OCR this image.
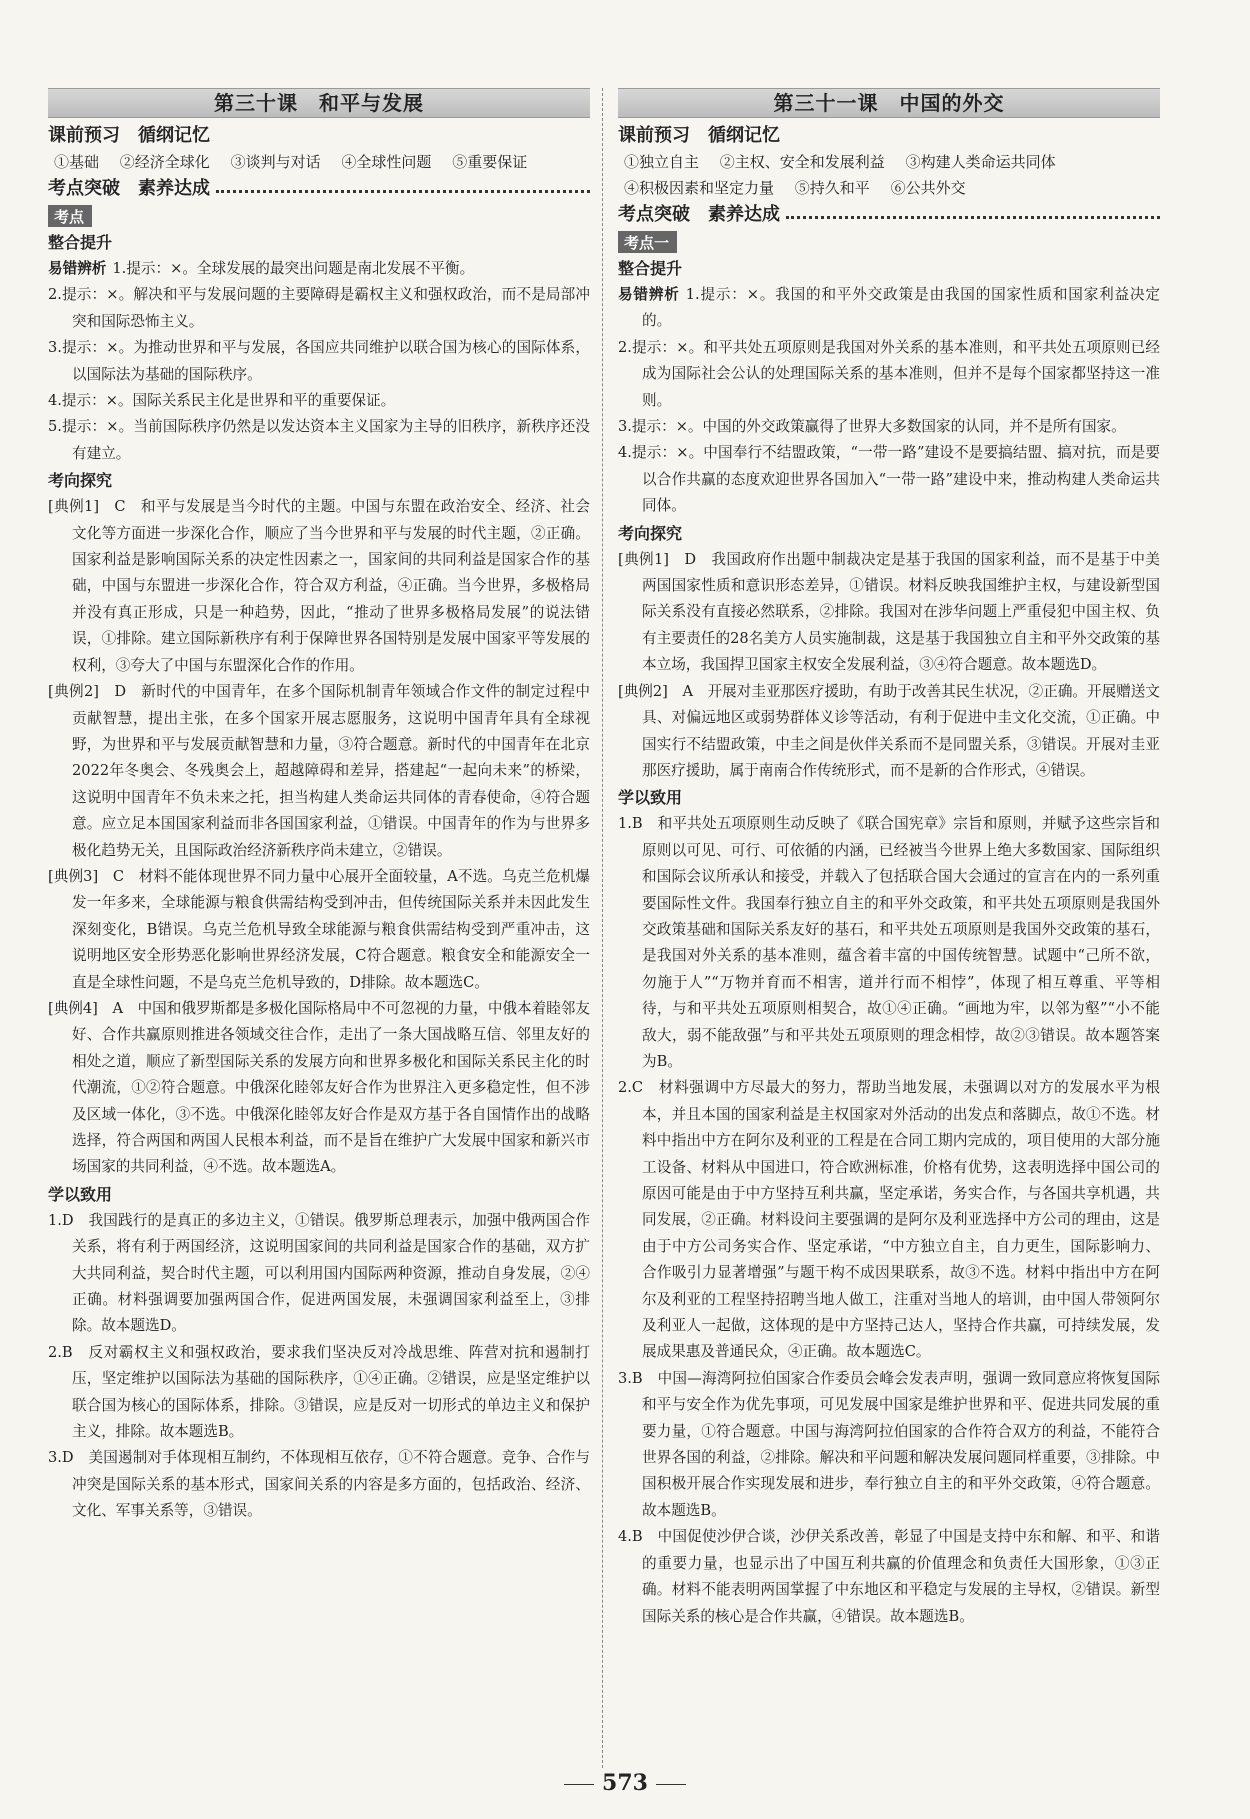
第三十课　和平与发展
课前预习　循纲记忆
①基础 ②经济全球化 ③谈判与对话 ④全球性问题 ⑤重要保证
考点突破　素养达成
考点
整合提升
易错辨析 1.提示：×。全球发展的最突出问题是南北发展不平衡。
2.提示：×。解决和平与发展问题的主要障碍是霸权主义和强权政治，而不是局部冲突和国际恐怖主义。
3.提示：×。为推动世界和平与发展，各国应共同维护以联合国为核心的国际体系，以国际法为基础的国际秩序。
4.提示：×。国际关系民主化是世界和平的重要保证。
5.提示：×。当前国际秩序仍然是以发达资本主义国家为主导的旧秩序，新秩序还没有建立。
考向探究
[典例1]　C　和平与发展是当今时代的主题。中国与东盟在政治安全、经济、社会文化等方面进一步深化合作，顺应了当今世界和平与发展的时代主题，②正确。国家利益是影响国际关系的决定性因素之一，国家间的共同利益是国家合作的基础，中国与东盟进一步深化合作，符合双方利益，④正确。当今世界，多极格局并没有真正形成，只是一种趋势，因此，“推动了世界多极格局发展”的说法错误，①排除。建立国际新秩序有利于保障世界各国特别是发展中国家平等发展的权利，③夸大了中国与东盟深化合作的作用。
[典例2]　D　新时代的中国青年，在多个国际机制青年领域合作文件的制定过程中贡献智慧，提出主张，在多个国家开展志愿服务，这说明中国青年具有全球视野，为世界和平与发展贡献智慧和力量，③符合题意。新时代的中国青年在北京2022年冬奥会、冬残奥会上，超越障碍和差异，搭建起“一起向未来”的桥梁，这说明中国青年不负未来之托，担当构建人类命运共同体的青春使命，④符合题意。应立足本国国家利益而非各国国家利益，①错误。中国青年的作为与世界多极化趋势无关，且国际政治经济新秩序尚未建立，②错误。
[典例3]　C　材料不能体现世界不同力量中心展开全面较量，A不选。乌克兰危机爆发一年多来，全球能源与粮食供需结构受到冲击，但传统国际关系并未因此发生深刻变化，B错误。乌克兰危机导致全球能源与粮食供需结构受到严重冲击，这说明地区安全形势恶化影响世界经济发展，C符合题意。粮食安全和能源安全一直是全球性问题，不是乌克兰危机导致的，D排除。故本题选C。
[典例4]　A　中国和俄罗斯都是多极化国际格局中不可忽视的力量，中俄本着睦邻友好、合作共赢原则推进各领域交往合作，走出了一条大国战略互信、邻里友好的相处之道，顺应了新型国际关系的发展方向和世界多极化和国际关系民主化的时代潮流，①②符合题意。中俄深化睦邻友好合作为世界注入更多稳定性，但不涉及区域一体化，③不选。中俄深化睦邻友好合作是双方基于各自国情作出的战略选择，符合两国和两国人民根本利益，而不是旨在维护广大发展中国家和新兴市场国家的共同利益，④不选。故本题选A。
学以致用
1.D　我国践行的是真正的多边主义，①错误。俄罗斯总理表示，加强中俄两国合作关系，将有利于两国经济，这说明国家间的共同利益是国家合作的基础，双方扩大共同利益，契合时代主题，可以利用国内国际两种资源，推动自身发展，②④正确。材料强调要加强两国合作，促进两国发展，未强调国家利益至上，③排除。故本题选D。
2.B　反对霸权主义和强权政治，要求我们坚决反对冷战思维、阵营对抗和遏制打压，坚定维护以国际法为基础的国际秩序，①④正确。②错误，应是坚定维护以联合国为核心的国际体系，排除。③错误，应是反对一切形式的单边主义和保护主义，排除。故本题选B。
3.D　美国遏制对手体现相互制约，不体现相互依存，①不符合题意。竞争、合作与冲突是国际关系的基本形式，国家间关系的内容是多方面的，包括政治、经济、文化、军事关系等，③错误。
第三十一课　中国的外交
课前预习　循纲记忆
①独立自主 ②主权、安全和发展利益 ③构建人类命运共同体
④积极因素和坚定力量 ⑤持久和平 ⑥公共外交
考点突破　素养达成
考点一
整合提升
易错辨析 1.提示：×。我国的和平外交政策是由我国的国家性质和国家利益决定的。
2.提示：×。和平共处五项原则是我国对外关系的基本准则，和平共处五项原则已经成为国际社会公认的处理国际关系的基本准则，但并不是每个国家都坚持这一准则。
3.提示：×。中国的外交政策赢得了世界大多数国家的认同，并不是所有国家。
4.提示：×。中国奉行不结盟政策，“一带一路”建设不是要搞结盟、搞对抗，而是要以合作共赢的态度欢迎世界各国加入“一带一路”建设中来，推动构建人类命运共同体。
考向探究
[典例1]　D　我国政府作出题中制裁决定是基于我国的国家利益，而不是基于中美两国国家性质和意识形态差异，①错误。材料反映我国维护主权，与建设新型国际关系没有直接必然联系，②排除。我国对在涉华问题上严重侵犯中国主权、负有主要责任的28名美方人员实施制裁，这是基于我国独立自主和平外交政策的基本立场，我国捍卫国家主权安全发展利益，③④符合题意。故本题选D。
[典例2]　A　开展对圭亚那医疗援助，有助于改善其民生状况，②正确。开展赠送文具、对偏远地区或弱势群体义诊等活动，有利于促进中圭文化交流，①正确。中国实行不结盟政策，中圭之间是伙伴关系而不是同盟关系，③错误。开展对圭亚那医疗援助，属于南南合作传统形式，而不是新的合作形式，④错误。
学以致用
1.B　和平共处五项原则生动反映了《联合国宪章》宗旨和原则，并赋予这些宗旨和原则以可见、可行、可依循的内涵，已经被当今世界上绝大多数国家、国际组织和国际会议所承认和接受，并载入了包括联合国大会通过的宣言在内的一系列重要国际性文件。我国奉行独立自主的和平外交政策，和平共处五项原则是我国外交政策基础和国际关系友好的基石，和平共处五项原则是我国外交政策的基石，是我国对外关系的基本准则，蕴含着丰富的中国传统智慧。试题中“己所不欲，勿施于人”“万物并育而不相害，道并行而不相悖”，体现了相互尊重、平等相待，与和平共处五项原则相契合，故①④正确。“画地为牢，以邻为壑”“小不能敌大，弱不能敌强”与和平共处五项原则的理念相悖，故②③错误。故本题答案为B。
2.C　材料强调中方尽最大的努力，帮助当地发展，未强调以对方的发展水平为根本，并且本国的国家利益是主权国家对外活动的出发点和落脚点，故①不选。材料中指出中方在阿尔及利亚的工程是在合同工期内完成的，项目使用的大部分施工设备、材料从中国进口，符合欧洲标准，价格有优势，这表明选择中国公司的原因可能是由于中方坚持互利共赢，坚定承诺，务实合作，与各国共享机遇，共同发展，②正确。材料设问主要强调的是阿尔及利亚选择中方公司的理由，这是由于中方公司务实合作、坚定承诺，“中方独立自主，自力更生，国际影响力、合作吸引力显著增强”与题干构不成因果联系，故③不选。材料中指出中方在阿尔及利亚的工程坚持招聘当地人做工，注重对当地人的培训，由中国人带领阿尔及利亚人一起做，这体现的是中方坚持己达人，坚持合作共赢，可持续发展，发展成果惠及普通民众，④正确。故本题选C。
3.B　中国—海湾阿拉伯国家合作委员会峰会发表声明，强调一致同意应将恢复国际和平与安全作为优先事项，可见发展中国家是维护世界和平、促进共同发展的重要力量，①符合题意。中国与海湾阿拉伯国家的合作符合双方的利益，不能符合世界各国的利益，②排除。解决和平问题和解决发展问题同样重要，③排除。中国积极开展合作实现发展和进步，奉行独立自主的和平外交政策，④符合题意。故本题选B。
4.B　中国促使沙伊合谈，沙伊关系改善，彰显了中国是支持中东和解、和平、和谐的重要力量，也显示出了中国互利共赢的价值理念和负责任大国形象，①③正确。材料不能表明两国掌握了中东地区和平稳定与发展的主导权，②错误。新型国际关系的核心是合作共赢，④错误。故本题选B。
573
